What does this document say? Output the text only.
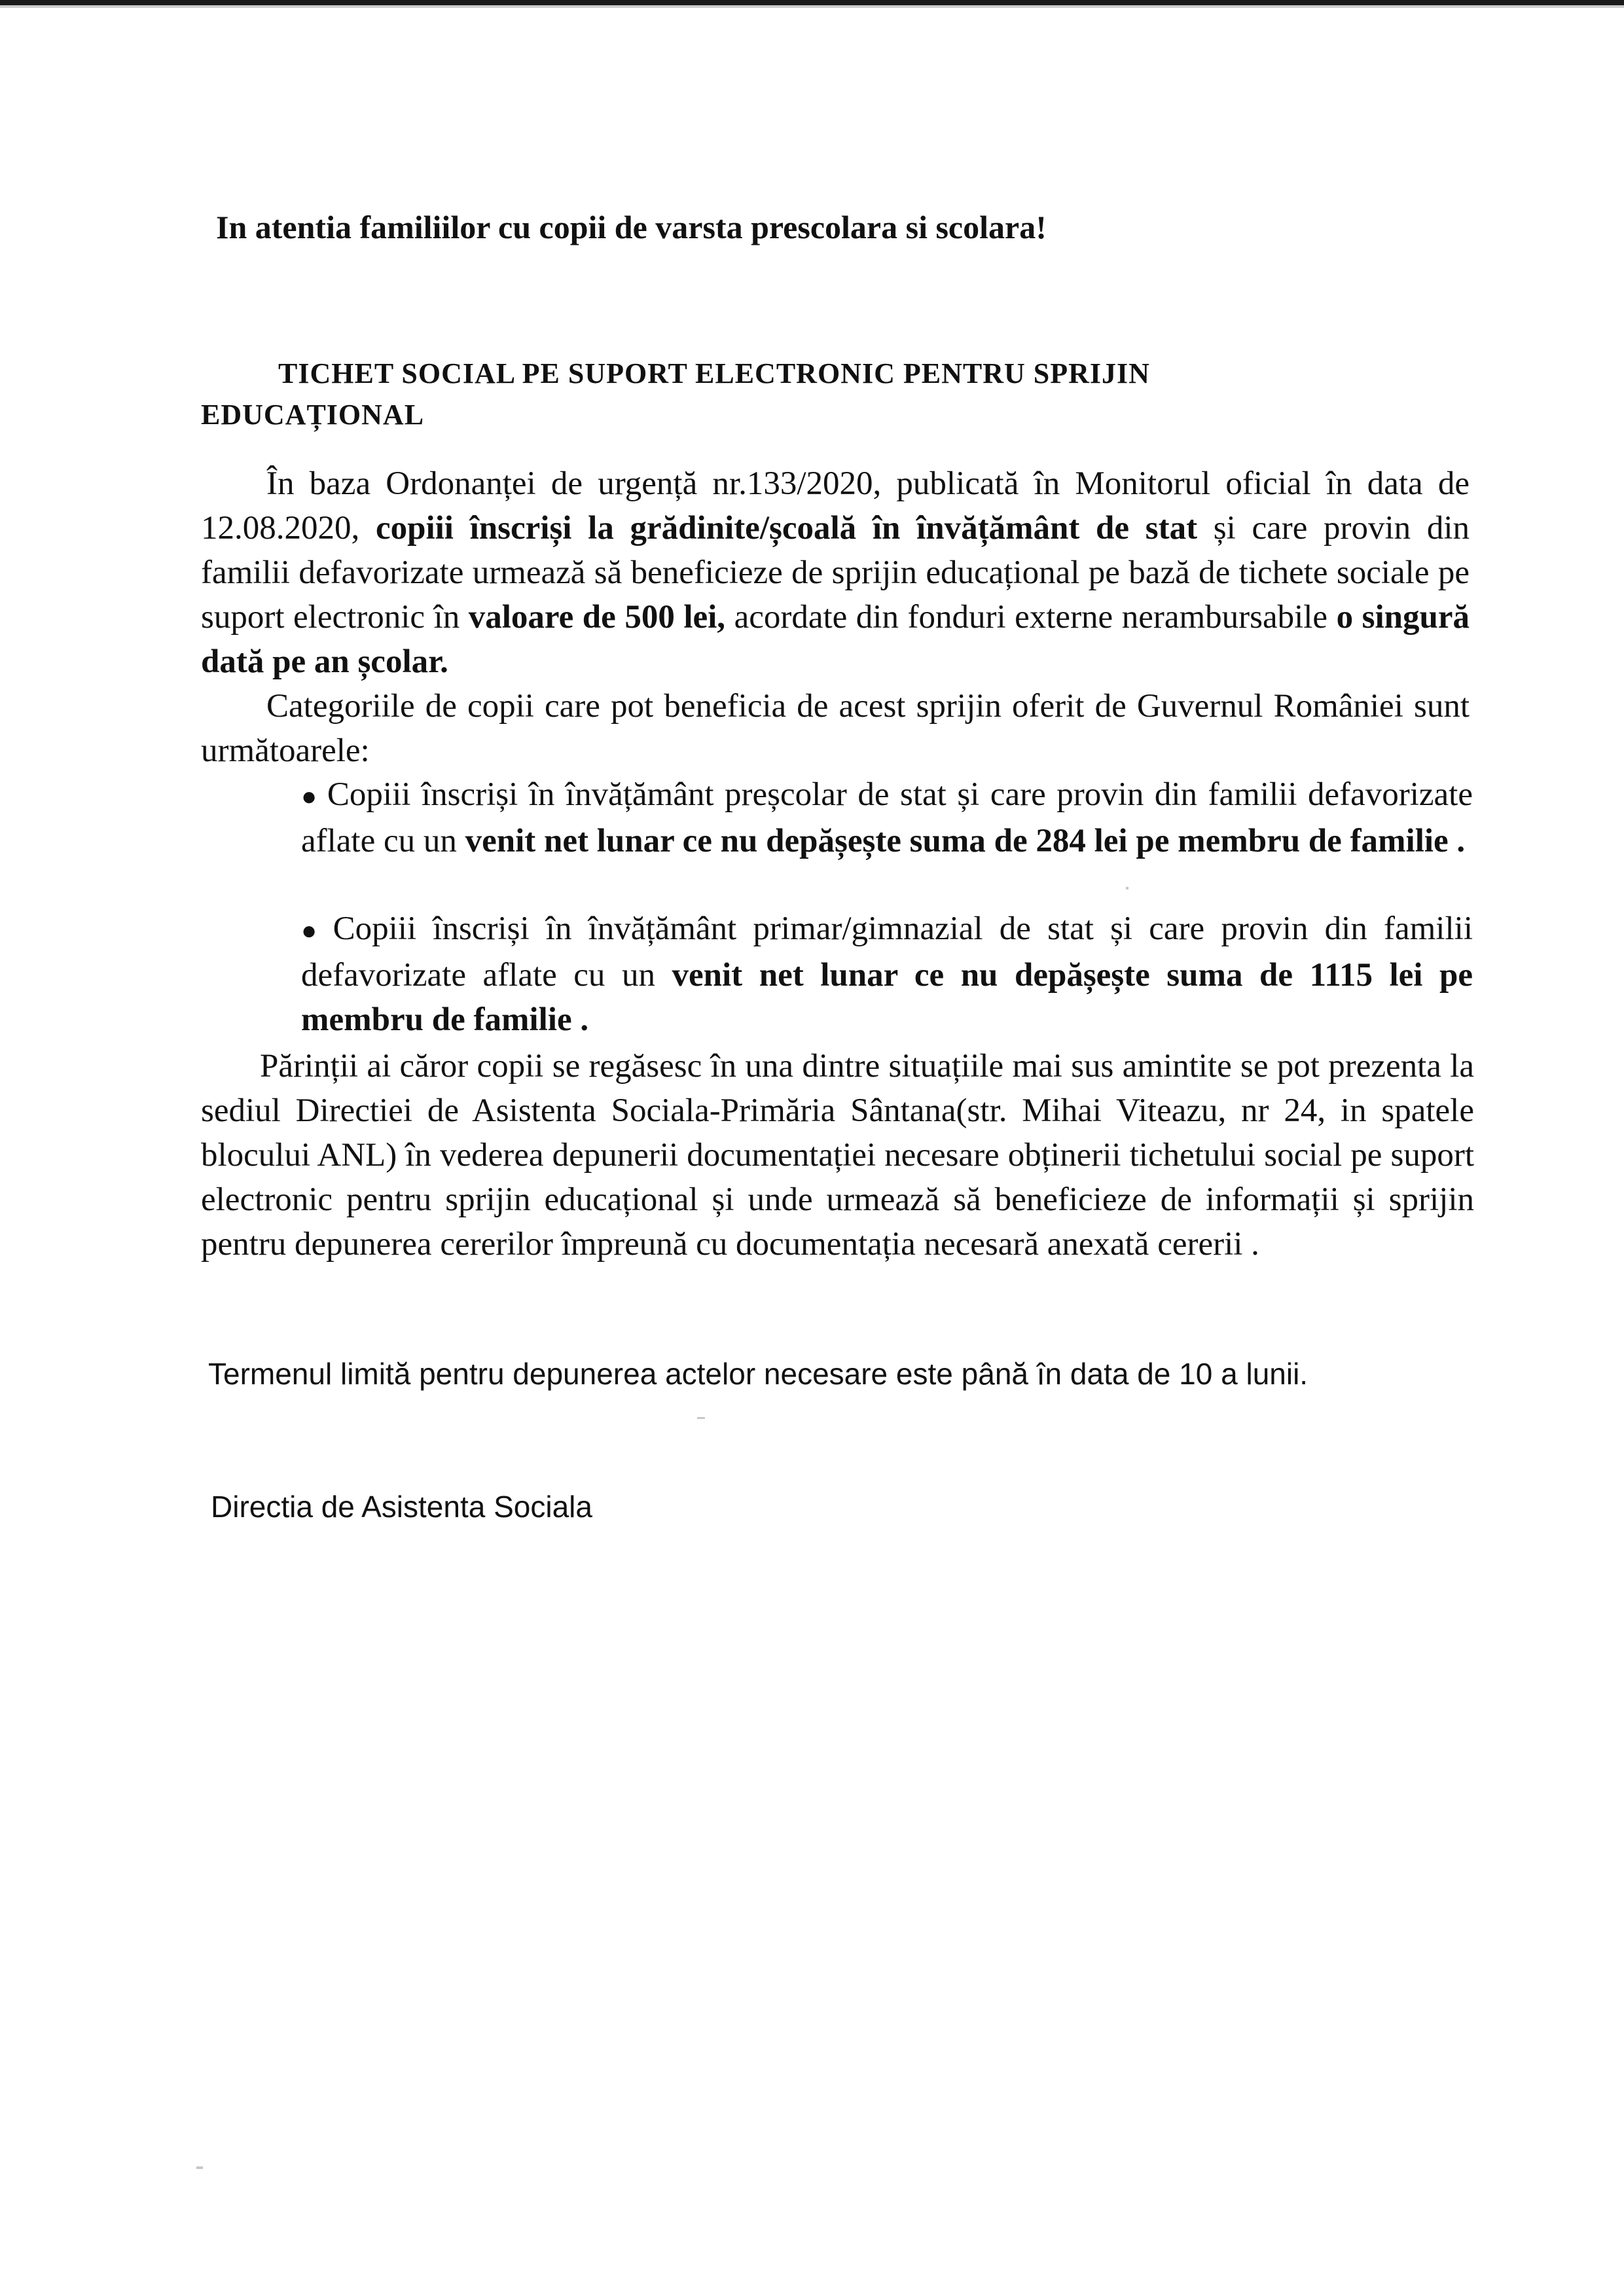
In atentia familiilor cu copii de varsta prescolara si scolara!
TICHET SOCIAL PE SUPORT ELECTRONIC PENTRU SPRIJIN
EDUCAȚIONAL

În baza Ordonanței de urgență nr.133/2020, publicată în Monitorul oficial în data de 12.08.2020, copiii înscriși la grădinite/școală în învățământ de stat și care provin din familii defavorizate urmează să beneficieze de sprijin educațional pe bază de tichete sociale pe suport electronic în valoare de 500 lei, acordate din fonduri externe nerambursabile o singură dată pe an școlar.

Categoriile de copii care pot beneficia de acest sprijin oferit de Guvernul României sunt următoarele:

● Copiii înscriși în învățământ preșcolar de stat și care provin din familii defavorizate aflate cu un venit net lunar ce nu depășește suma de 284 lei pe membru de familie .

● Copiii înscriși în învățământ primar/gimnazial de stat și care provin din familii defavorizate aflate cu un venit net lunar ce nu depășește suma de 1115 lei pe membru de familie .

Părinții ai căror copii se regăsesc în una dintre situațiile mai sus amintite se pot prezenta la sediul Directiei de Asistenta Sociala-Primăria Sântana(str. Mihai Viteazu, nr 24, in spatele blocului ANL) în vederea depunerii documentației necesare obținerii tichetului social pe suport electronic pentru sprijin educațional și unde urmează să beneficieze de informații și sprijin pentru depunerea cererilor împreună cu documentația necesară anexată cererii .

Termenul limită pentru depunerea actelor necesare este până în data de 10 a lunii.

Directia de Asistenta Sociala
